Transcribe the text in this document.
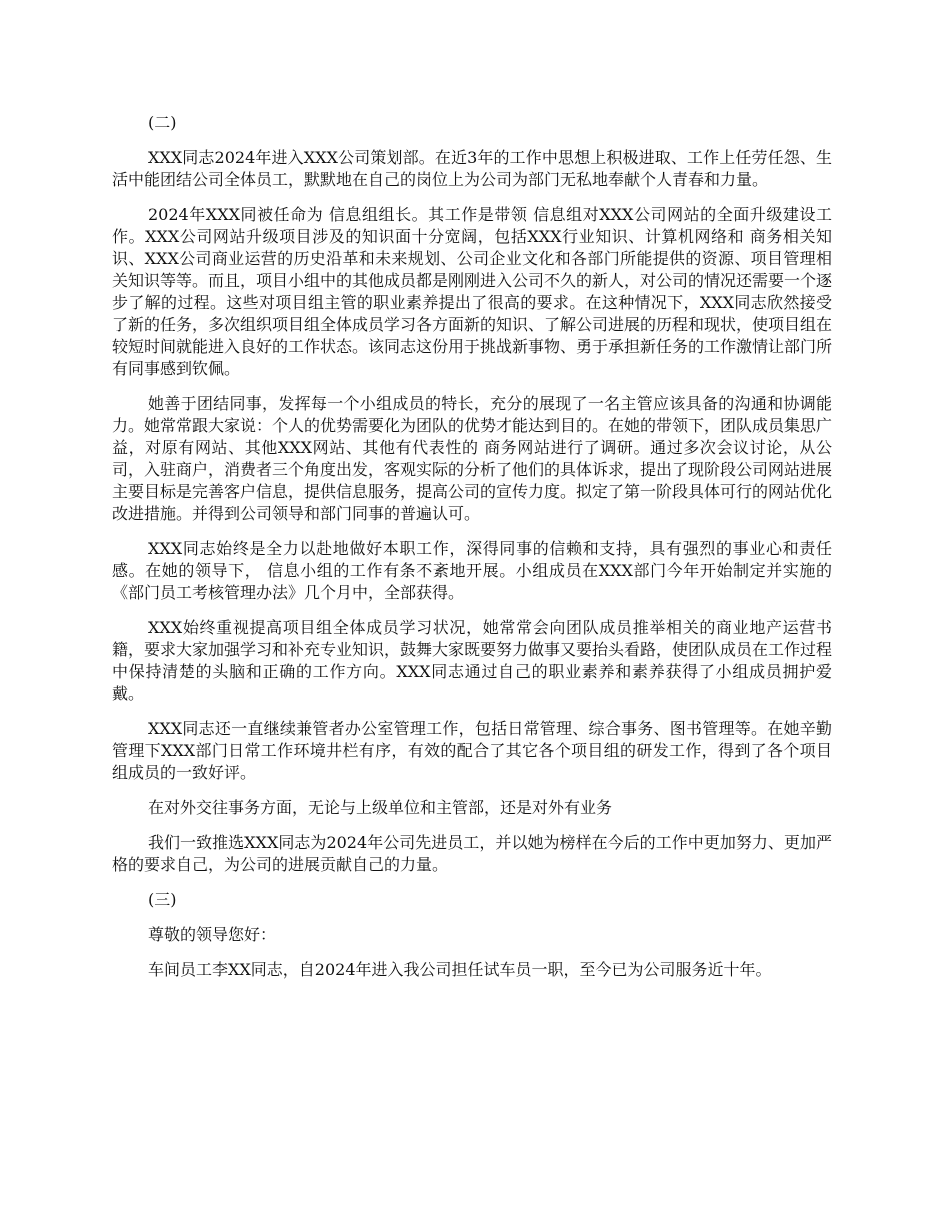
(二)

XXX同志2024年进入XXX公司策划部。在近3年的工作中思想上积极进取、工作上任劳任怨、生活中能团结公司全体员工，默默地在自己的岗位上为公司为部门无私地奉献个人青春和力量。

2024年XXX同被任命为 信息组组长。其工作是带领 信息组对XXX公司网站的全面升级建设工作。XXX公司网站升级项目涉及的知识面十分宽阔，包括XXX行业知识、计算机网络和 商务相关知识、XXX公司商业运营的历史沿革和未来规划、公司企业文化和各部门所能提供的资源、项目管理相关知识等等。而且，项目小组中的其他成员都是刚刚进入公司不久的新人，对公司的情况还需要一个逐步了解的过程。这些对项目组主管的职业素养提出了很高的要求。在这种情况下，XXX同志欣然接受了新的任务，多次组织项目组全体成员学习各方面新的知识、了解公司进展的历程和现状，使项目组在较短时间就能进入良好的工作状态。该同志这份用于挑战新事物、勇于承担新任务的工作激情让部门所有同事感到钦佩。

她善于团结同事，发挥每一个小组成员的特长，充分的展现了一名主管应该具备的沟通和协调能力。她常常跟大家说：个人的优势需要化为团队的优势才能达到目的。在她的带领下，团队成员集思广益，对原有网站、其他XXX网站、其他有代表性的 商务网站进行了调研。通过多次会议讨论，从公司，入驻商户，消费者三个角度出发，客观实际的分析了他们的具体诉求，提出了现阶段公司网站进展主要目标是完善客户信息，提供信息服务，提高公司的宣传力度。拟定了第一阶段具体可行的网站优化改进措施。并得到公司领导和部门同事的普遍认可。

XXX同志始终是全力以赴地做好本职工作，深得同事的信赖和支持，具有强烈的事业心和责任感。在她的领导下， 信息小组的工作有条不紊地开展。小组成员在XXX部门今年开始制定并实施的《部门员工考核管理办法》几个月中，全部获得。

XXX始终重视提高项目组全体成员学习状况，她常常会向团队成员推举相关的商业地产运营书籍，要求大家加强学习和补充专业知识，鼓舞大家既要努力做事又要抬头看路，使团队成员在工作过程中保持清楚的头脑和正确的工作方向。XXX同志通过自己的职业素养和素养获得了小组成员拥护爱戴。

XXX同志还一直继续兼管者办公室管理工作，包括日常管理、综合事务、图书管理等。在她辛勤管理下XXX部门日常工作环境井栏有序，有效的配合了其它各个项目组的研发工作，得到了各个项目组成员的一致好评。

在对外交往事务方面，无论与上级单位和主管部，还是对外有业务

我们一致推选XXX同志为2024年公司先进员工，并以她为榜样在今后的工作中更加努力、更加严格的要求自己，为公司的进展贡献自己的力量。

(三)

尊敬的领导您好：

车间员工李XX同志，自2024年进入我公司担任试车员一职，至今已为公司服务近十年。
